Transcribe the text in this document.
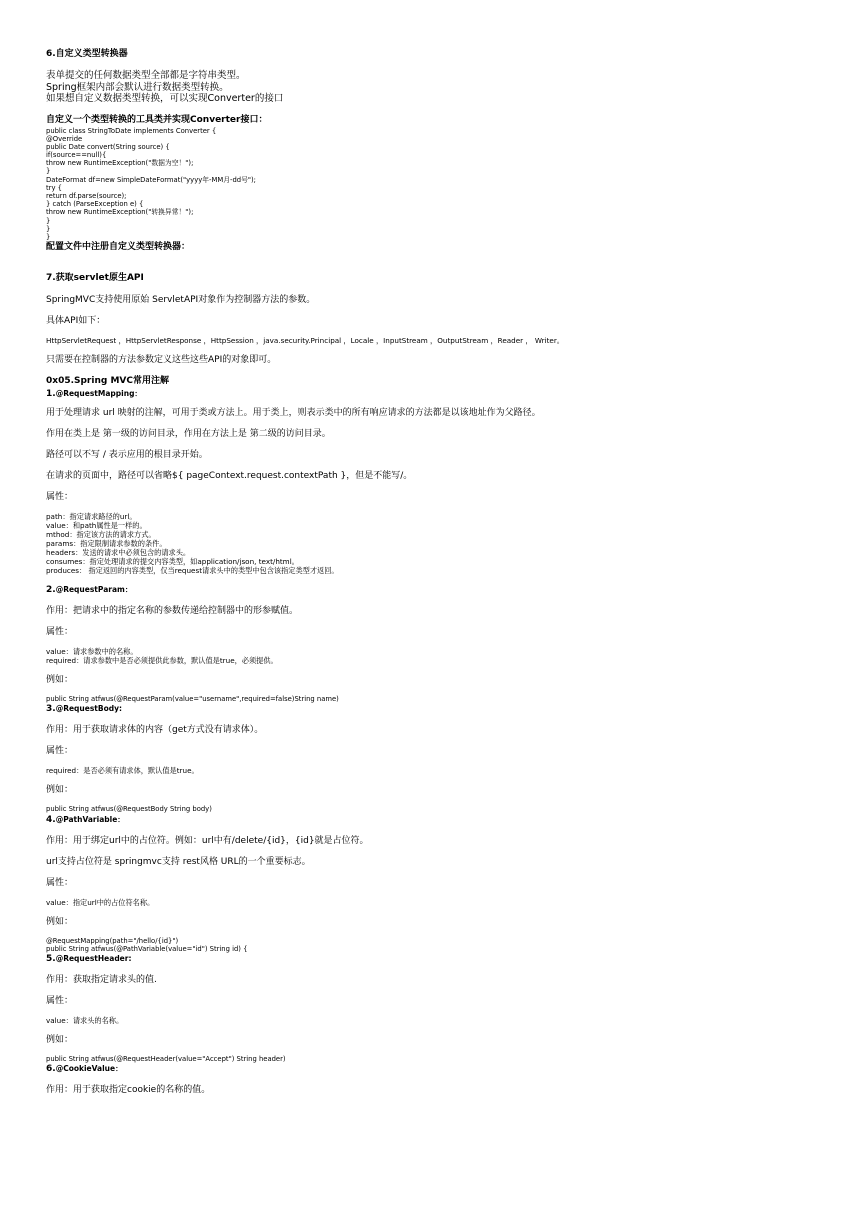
6.自定义类型转换器
表单提交的任何数据类型全部都是字符串类型。
Spring框架内部会默认进行数据类型转换。
如果想自定义数据类型转换，可以实现Converter的接口
自定义一个类型转换的工具类并实现Converter接口：
public class StringToDate implements Converter {
@Override
public Date convert(String source) {
if(source==null){
throw new RuntimeException("数据为空！");
}
DateFormat df=new SimpleDateFormat("yyyy年-MM月-dd号");
try {
return df.parse(source);
} catch (ParseException e) {
throw new RuntimeException("转换异常！");
}
}
}
配置文件中注册自定义类型转换器：
7.获取servlet原生API
SpringMVC支持使用原始 ServletAPI对象作为控制器方法的参数。
具体API如下：
HttpServletRequest ，HttpServletResponse ，HttpSession ，java.security.Principal ，Locale ，InputStream ，OutputStream ，Reader ， Writer。
只需要在控制器的方法参数定义这些这些API的对象即可。
0x05.Spring MVC常用注解
1.@RequestMapping：
用于处理请求 url 映射的注解，可用于类或方法上。用于类上，则表示类中的所有响应请求的方法都是以该地址作为父路径。
作用在类上是 第一级的访问目录，作用在方法上是 第二级的访问目录。
路径可以不写 / 表示应用的根目录开始。
在请求的页面中，路径可以省略${ pageContext.request.contextPath }，但是不能写/。
属性：
path：指定请求路径的url。
value：和path属性是一样的。
mthod：指定该方法的请求方式。
params：指定限制请求参数的条件。
headers：发送的请求中必须包含的请求头。
consumes：指定处理请求的提交内容类型，如application/json, text/html。
produces： 指定返回的内容类型，仅当request请求头中的类型中包含该指定类型才返回。
2.@RequestParam：
作用：把请求中的指定名称的参数传递给控制器中的形参赋值。
属性：
value：请求参数中的名称。
required：请求参数中是否必须提供此参数，默认值是true，必须提供。
例如：
public String atfwus(@RequestParam(value="username",required=false)String name)
3.@RequestBody:
作用：用于获取请求体的内容（get方式没有请求体）。
属性：
required：是否必须有请求体，默认值是true。
例如：
public String atfwus(@RequestBody String body)
4.@PathVariable：
作用：用于绑定url中的占位符。例如：url中有/delete/{id}，{id}就是占位符。
url支持占位符是 springmvc支持 rest风格 URL的一个重要标志。
属性：
value：指定url中的占位符名称。
例如：
@RequestMapping(path="/hello/{id}")
public String atfwus(@PathVariable(value="id") String id) {
5.@RequestHeader:
作用：获取指定请求头的值.
属性：
value：请求头的名称。
例如：
public String atfwus(@RequestHeader(value="Accept") String header)
6.@CookieValue：
作用：用于获取指定cookie的名称的值。
